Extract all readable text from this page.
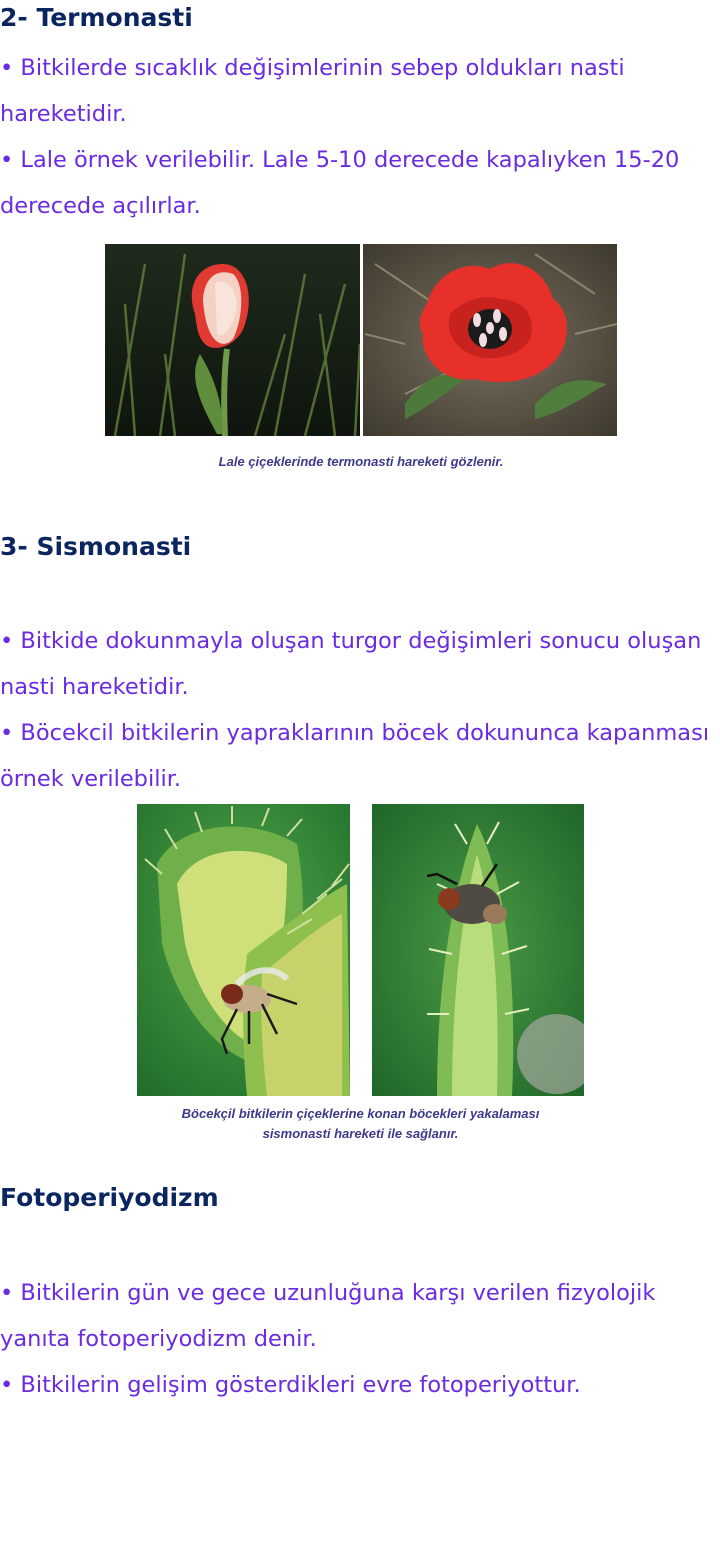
2- Termonasti

• Bitkilerde sıcaklık değişimlerinin sebep oldukları nasti hareketidir.

• Lale örnek verilebilir. Lale 5-10 derecede kapalıyken 15-20 derecede açılırlar.

Lale çiçeklerinde termonasti hareketi gözlenir.
3- Sismonasti

• Bitkide dokunmayla oluşan turgor değişimleri sonucu oluşan nasti hareketidir.

• Böcekcil bitkilerin yapraklarının böcek dokununca kapanması örnek verilebilir.

Böcekçil bitkilerin çiçeklerine konan böcekleri yakalaması
sismonasti hareketi ile sağlanır.
Fotoperiyodizm

• Bitkilerin gün ve gece uzunluğuna karşı verilen fizyolojik yanıta fotoperiyodizm denir.

• Bitkilerin gelişim gösterdikleri evre fotoperiyottur.
